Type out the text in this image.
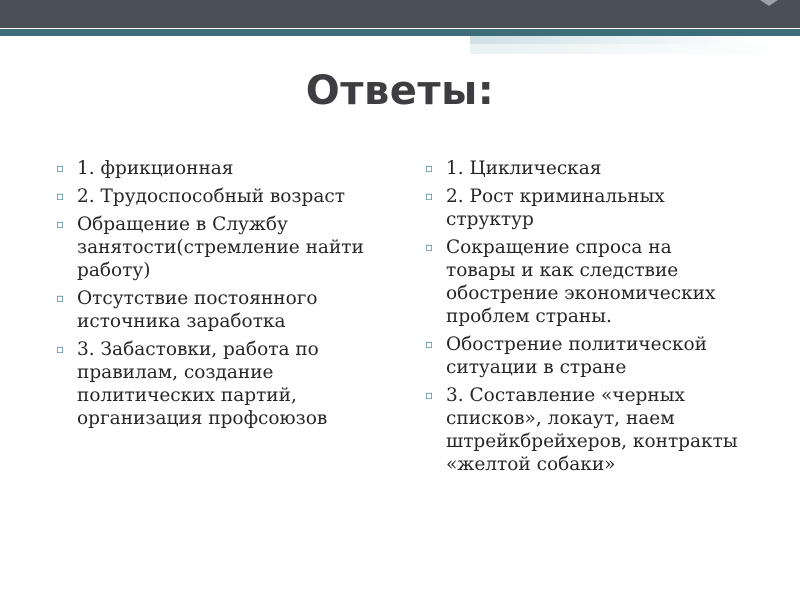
Ответы:
▫ 1. фрикционная
▫ 2. Трудоспособный возраст
▫ Обращение в Службу занятости(стремление найти работу)
▫ Отсутствие постоянного источника заработка
▫ 3. Забастовки, работа по правилам, создание политических партий, организация профсоюзов
▫ 1. Циклическая
▫ 2. Рост криминальных структур
▫ Сокращение спроса на товары и как следствие обострение экономических проблем страны.
▫ Обострение политической ситуации в стране
▫ 3. Составление «черных списков», локаут, наем штрейкбрейхеров, контракты «желтой собаки»
